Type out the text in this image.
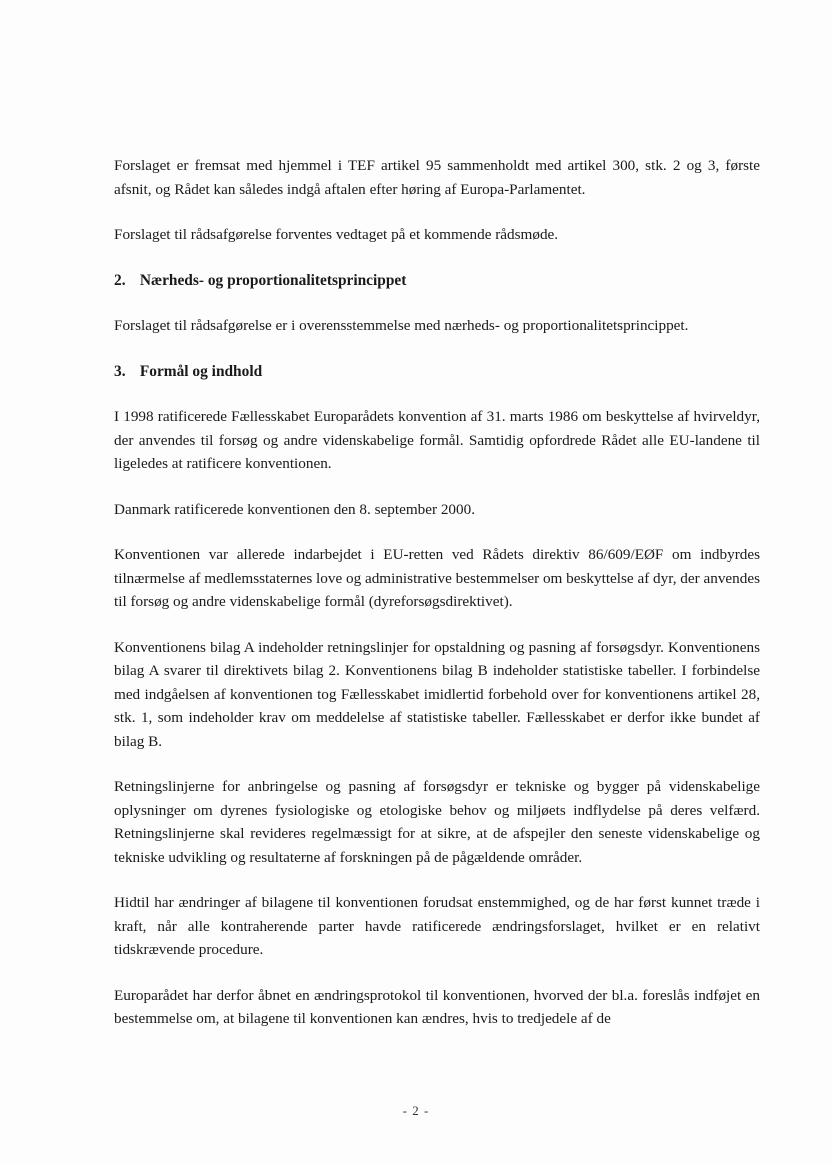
Forslaget er fremsat med hjemmel i TEF artikel 95 sammenholdt med artikel 300, stk. 2 og 3, første afsnit, og Rådet kan således indgå aftalen efter høring af Europa-Parlamentet.

Forslaget til rådsafgørelse forventes vedtaget på et kommende rådsmøde.

2. Nærheds- og proportionalitetsprincippet

Forslaget til rådsafgørelse er i overensstemmelse med nærheds- og proportionalitetsprincippet.

3. Formål og indhold

I 1998 ratificerede Fællesskabet Europarådets konvention af 31. marts 1986 om beskyttelse af hvirveldyr, der anvendes til forsøg og andre videnskabelige formål. Samtidig opfordrede Rådet alle EU-landene til ligeledes at ratificere konventionen.

Danmark ratificerede konventionen den 8. september 2000.

Konventionen var allerede indarbejdet i EU-retten ved Rådets direktiv 86/609/EØF om indbyrdes tilnærmelse af medlemsstaternes love og administrative bestemmelser om beskyttelse af dyr, der anvendes til forsøg og andre videnskabelige formål (dyreforsøgsdirektivet).

Konventionens bilag A indeholder retningslinjer for opstaldning og pasning af forsøgsdyr. Konventionens bilag A svarer til direktivets bilag 2. Konventionens bilag B indeholder statistiske tabeller. I forbindelse med indgåelsen af konventionen tog Fællesskabet imidlertid forbehold over for konventionens artikel 28, stk. 1, som indeholder krav om meddelelse af statistiske tabeller. Fællesskabet er derfor ikke bundet af bilag B.

Retningslinjerne for anbringelse og pasning af forsøgsdyr er tekniske og bygger på videnskabelige oplysninger om dyrenes fysiologiske og etologiske behov og miljøets indflydelse på deres velfærd. Retningslinjerne skal revideres regelmæssigt for at sikre, at de afspejler den seneste videnskabelige og tekniske udvikling og resultaterne af forskningen på de pågældende områder.

Hidtil har ændringer af bilagene til konventionen forudsat enstemmighed, og de har først kunnet træde i kraft, når alle kontraherende parter havde ratificerede ændringsforslaget, hvilket er en relativt tidskrævende procedure.

Europarådet har derfor åbnet en ændringsprotokol til konventionen, hvorved der bl.a. foreslås indføjet en bestemmelse om, at bilagene til konventionen kan ændres, hvis to tredjedele af de

- 2 -
